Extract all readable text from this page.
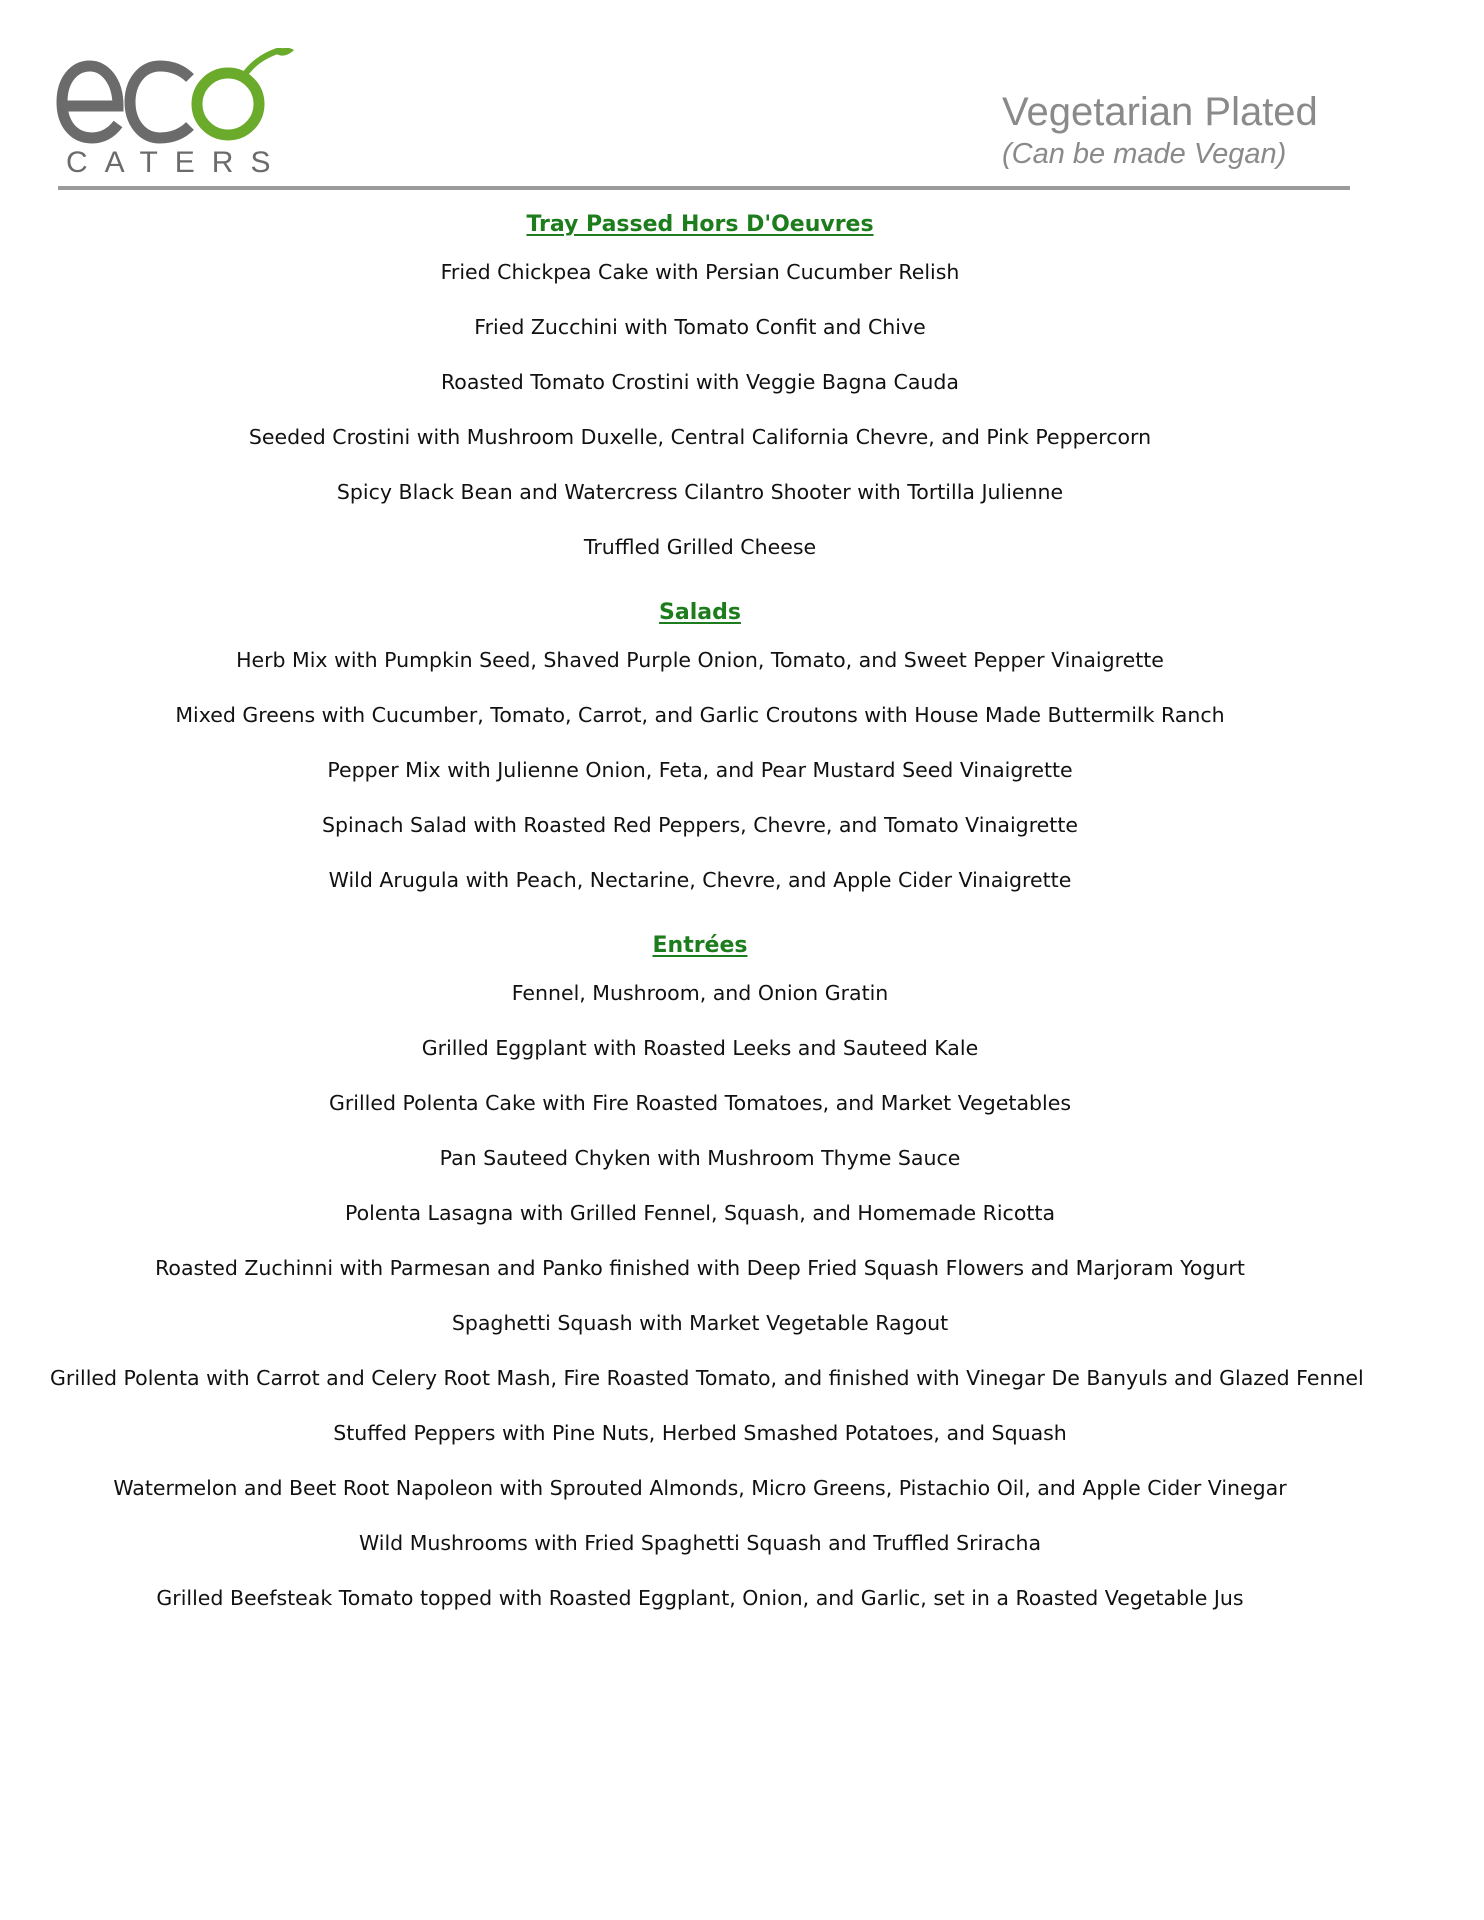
CATERS
Vegetarian Plated
(Can be made Vegan)
Tray Passed Hors D'Oeuvres
Fried Chickpea Cake with Persian Cucumber Relish
Fried Zucchini with Tomato Confit and Chive
Roasted Tomato Crostini with Veggie Bagna Cauda
Seeded Crostini with Mushroom Duxelle, Central California Chevre, and Pink Peppercorn
Spicy Black Bean and Watercress Cilantro Shooter with Tortilla Julienne
Truffled Grilled Cheese
Salads
Herb Mix with Pumpkin Seed, Shaved Purple Onion, Tomato, and Sweet Pepper Vinaigrette
Mixed Greens with Cucumber, Tomato, Carrot, and Garlic Croutons with House Made Buttermilk Ranch
Pepper Mix with Julienne Onion, Feta, and Pear Mustard Seed Vinaigrette
Spinach Salad with Roasted Red Peppers, Chevre, and Tomato Vinaigrette
Wild Arugula with Peach, Nectarine, Chevre, and Apple Cider Vinaigrette
Entrées
Fennel, Mushroom, and Onion Gratin
Grilled Eggplant with Roasted Leeks and Sauteed Kale
Grilled Polenta Cake with Fire Roasted Tomatoes, and Market Vegetables
Pan Sauteed Chyken with Mushroom Thyme Sauce
Polenta Lasagna with Grilled Fennel, Squash, and Homemade Ricotta
Roasted Zuchinni with Parmesan and Panko finished with Deep Fried Squash Flowers and Marjoram Yogurt
Spaghetti Squash with Market Vegetable Ragout
Grilled Polenta with Carrot and Celery Root Mash, Fire Roasted Tomato, and finished with Vinegar De Banyuls and Glazed Fennel
Stuffed Peppers with Pine Nuts, Herbed Smashed Potatoes, and Squash
Watermelon and Beet Root Napoleon with Sprouted Almonds, Micro Greens, Pistachio Oil, and Apple Cider Vinegar
Wild Mushrooms with Fried Spaghetti Squash and Truffled Sriracha
Grilled Beefsteak Tomato topped with Roasted Eggplant, Onion, and Garlic, set in a Roasted Vegetable Jus
